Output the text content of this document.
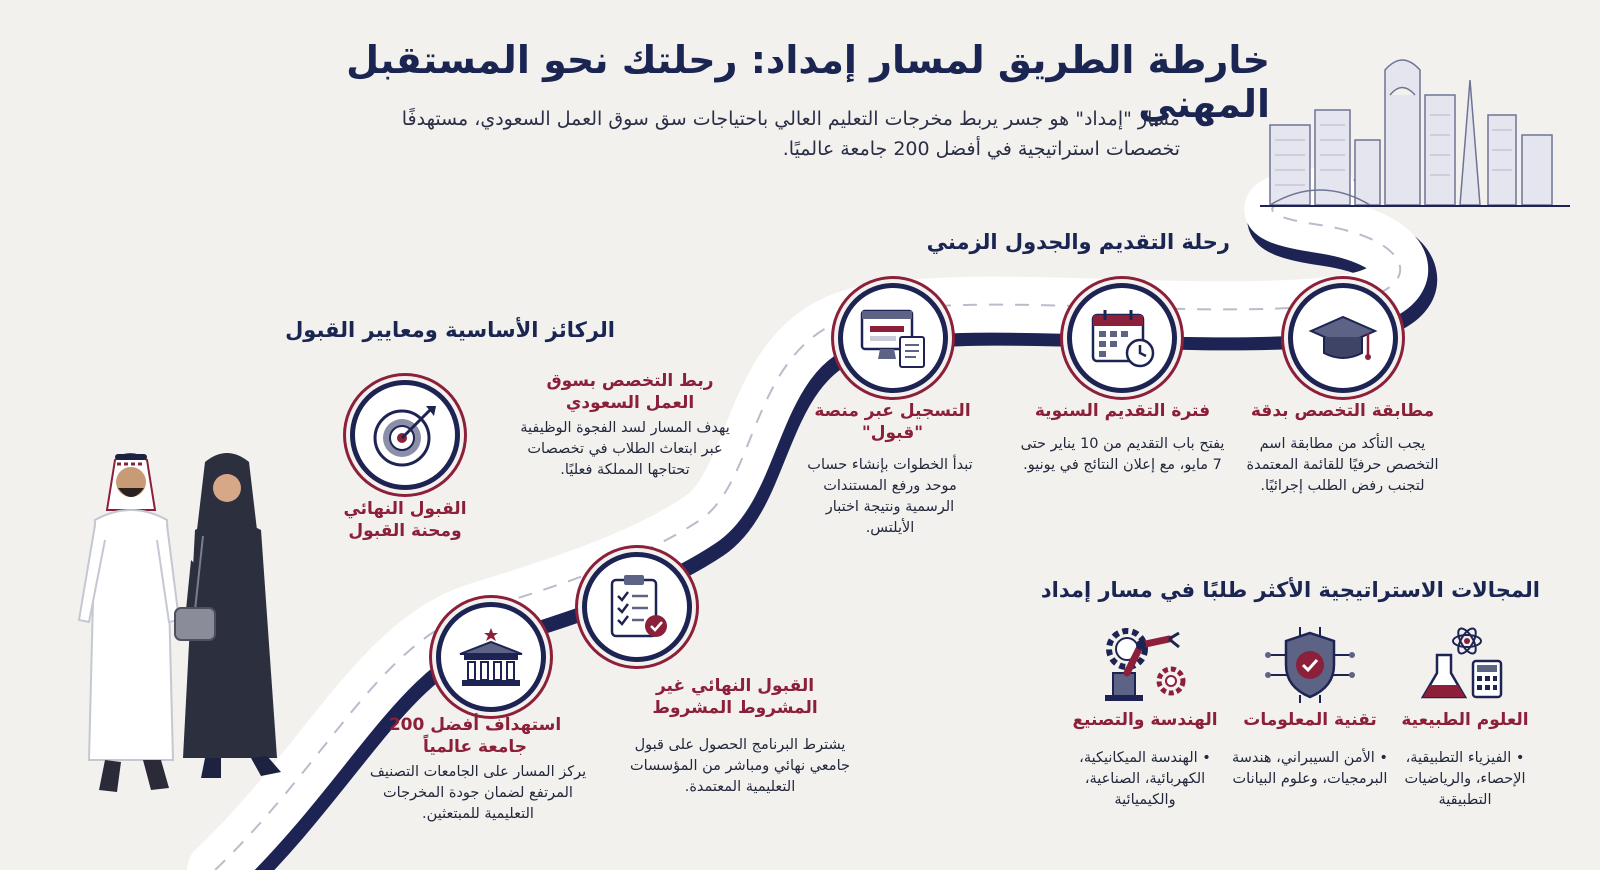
خارطة الطريق لمسار إمداد: رحلتك نحو المستقبل المهني
مسار "إمداد" هو جسر يربط مخرجات التعليم العالي باحتياجات سق سوق العمل السعودي، مستهدفًا تخصصات استراتيجية في أفضل 200 جامعة عالميًا.
رحلة التقديم والجدول الزمني
الركائز الأساسية ومعايير القبول
المجالات الاستراتيجية الأكثر طلبًا في مسار إمداد
مطابقة التخصص بدقة
يجب التأكد من مطابقة اسم التخصص حرفيًا للقائمة المعتمدة لتجنب رفض الطلب إجرائيًا.
فترة التقديم السنوية
يفتح باب التقديم من 10 يناير حتى 7 مايو، مع إعلان النتائج في يونيو.
التسجيل عبر منصة "قبول"
تبدأ الخطوات بإنشاء حساب موحد ورفع المستندات الرسمية ونتيجة اختبار الأيلتس.
القبول النهائي ومحنة القبول
ربط التخصص بسوق العمل السعودي
يهدف المسار لسد الفجوة الوظيفية عبر ابتعاث الطلاب في تخصصات تحتاجها المملكة فعليًا.
استهداف أفضل 200 جامعة عالمياً
يركز المسار على الجامعات التصنيف المرتفع لضمان جودة المخرجات التعليمية للمبتعثين.
القبول النهائي غير المشروط المشروط
يشترط البرنامج الحصول على قبول جامعي نهائي ومباشر من المؤسسات التعليمية المعتمدة.
العلوم الطبيعية
• الفيزياء التطبيقية، الإحصاء، والرياضيات التطبيقية
تقنية المعلومات
• الأمن السيبراني، هندسة البرمجيات، وعلوم البيانات
الهندسة والتصنيع
• الهندسة الميكانيكية، الكهربائية، الصناعية، والكيميائية
